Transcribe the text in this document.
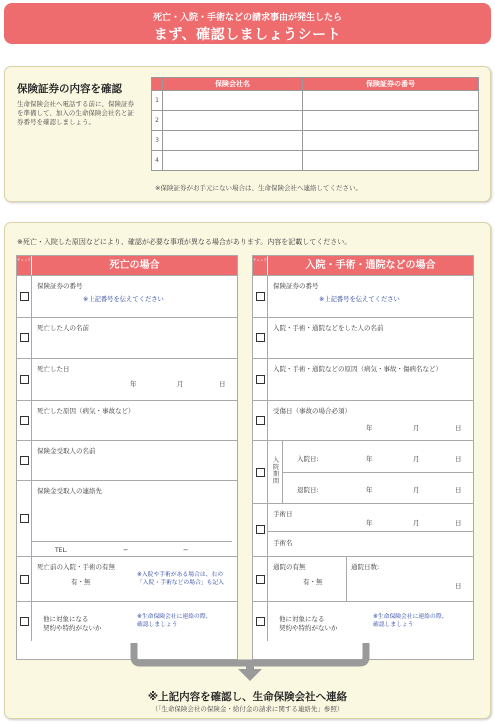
死亡・入院・手術などの請求事由が発生したら
まず、確認しましょうシート
保険証券の内容を確認
生命保険会社へ電話する前に、保険証券を準備して、加入の生命保険会社名と証券番号を確認しましょう。
	保険会社名	保険証券の番号
1		
2		
3		
4		
※保険証券がお手元にない場合は、生命保険会社へ連絡してください。
※死亡・入院した原因などにより、確認が必要な事項が異なる場合があります。内容を記載してください。
チェック	死亡の場合
保険証券の番号
※上記番号を伝えてください
死亡した人の名前
死亡した日
年	月	日
死亡した原因（病気・事故など）
保険金受取人の名前
保険金受取人の連絡先
TEL.	−	−
死亡前の入院・手術の有無
有・無
※入院や手術がある場合は、右の
「入院・手術などの場合」も記入
他に対象になる
契約や特約がないか
※生命保険会社に連絡の際、
確認しましょう
チェック	入院・手術・通院などの場合
保険証券の番号
※上記番号を伝えてください
入院・手術・通院などをした人の名前
入院・手術・通院などの原因（病気・事故・傷病名など）
受傷日（事故の場合必須）
年	月	日
入院期間
入院日:	年	月	日
退院日:	年	月	日
手術日
年	月	日
手術名
通院の有無
有・無
通院日数:
日
他に対象になる
契約や特約がないか
※生命保険会社に連絡の際、
確認しましょう
※上記内容を確認し、生命保険会社へ連絡
（「生命保険会社の保険金・給付金の請求に関する連絡先」参照）
